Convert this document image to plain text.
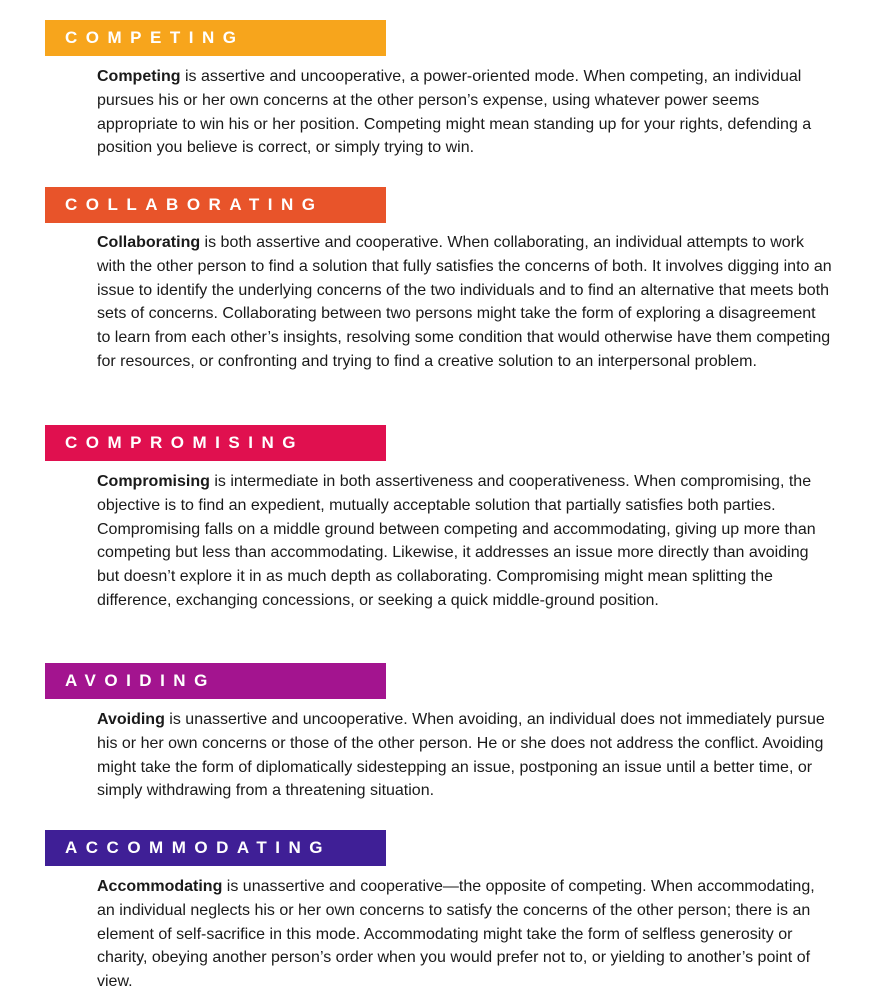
COMPETING

Competing is assertive and uncooperative, a power-oriented mode. When competing, an individual pursues his or her own concerns at the other person’s expense, using whatever power seems appropriate to win his or her position. Competing might mean standing up for your rights, defending a position you believe is correct, or simply trying to win.

COLLABORATING

Collaborating is both assertive and cooperative. When collaborating, an individual attempts to work with the other person to find a solution that fully satisfies the concerns of both. It involves digging into an issue to identify the underlying concerns of the two individuals and to find an alternative that meets both sets of concerns. Collaborating between two persons might take the form of exploring a disagreement to learn from each other’s insights, resolving some condition that would otherwise have them competing for resources, or confronting and trying to find a creative solution to an interpersonal problem.

COMPROMISING

Compromising is intermediate in both assertiveness and cooperativeness. When compromising, the objective is to find an expedient, mutually acceptable solution that partially satisfies both parties. Compromising falls on a middle ground between competing and accommodating, giving up more than competing but less than accommodating. Likewise, it addresses an issue more directly than avoiding but doesn’t explore it in as much depth as collaborating. Compromising might mean splitting the difference, exchanging concessions, or seeking a quick middle-ground position.

AVOIDING

Avoiding is unassertive and uncooperative. When avoiding, an individual does not immediately pursue his or her own concerns or those of the other person. He or she does not address the conflict. Avoiding might take the form of diplomatically sidestepping an issue, postponing an issue until a better time, or simply withdrawing from a threatening situation.

ACCOMMODATING

Accommodating is unassertive and cooperative—the opposite of competing. When accommodating, an individual neglects his or her own concerns to satisfy the concerns of the other person; there is an element of self-sacrifice in this mode. Accommodating might take the form of selfless generosity or charity, obeying another person’s order when you would prefer not to, or yielding to another’s point of view.
